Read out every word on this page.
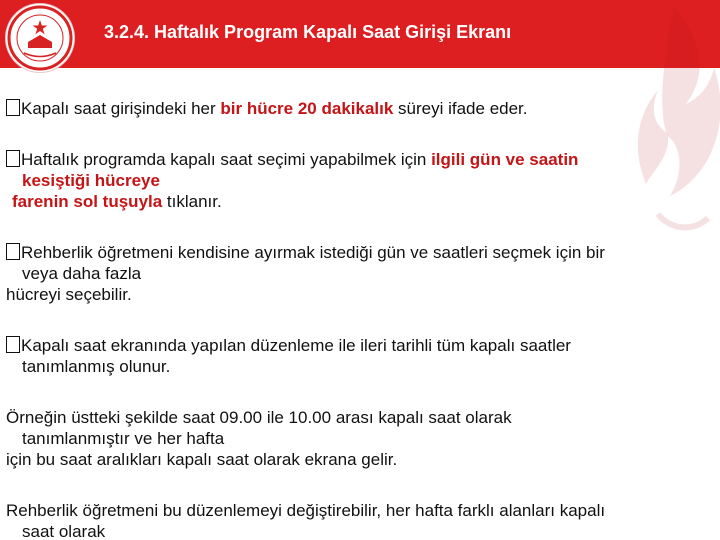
3.2.4. Haftalık Program Kapalı Saat Girişi Ekranı

Kapalı saat girişindeki her bir hücre 20 dakikalık süreyi ifade eder.

Haftalık programda kapalı saat seçimi yapabilmek için ilgili gün ve saatin
kesiştiği hücreye
farenin sol tuşuyla tıklanır.

Rehberlik öğretmeni kendisine ayırmak istediği gün ve saatleri seçmek için bir
veya daha fazla
hücreyi seçebilir.

Kapalı saat ekranında yapılan düzenleme ile ileri tarihli tüm kapalı saatler
tanımlanmış olunur.

Örneğin üstteki şekilde saat 09.00 ile 10.00 arası kapalı saat olarak
tanımlanmıştır ve her hafta
için bu saat aralıkları kapalı saat olarak ekrana gelir.

Rehberlik öğretmeni bu düzenlemeyi değiştirebilir, her hafta farklı alanları kapalı
saat olarak
